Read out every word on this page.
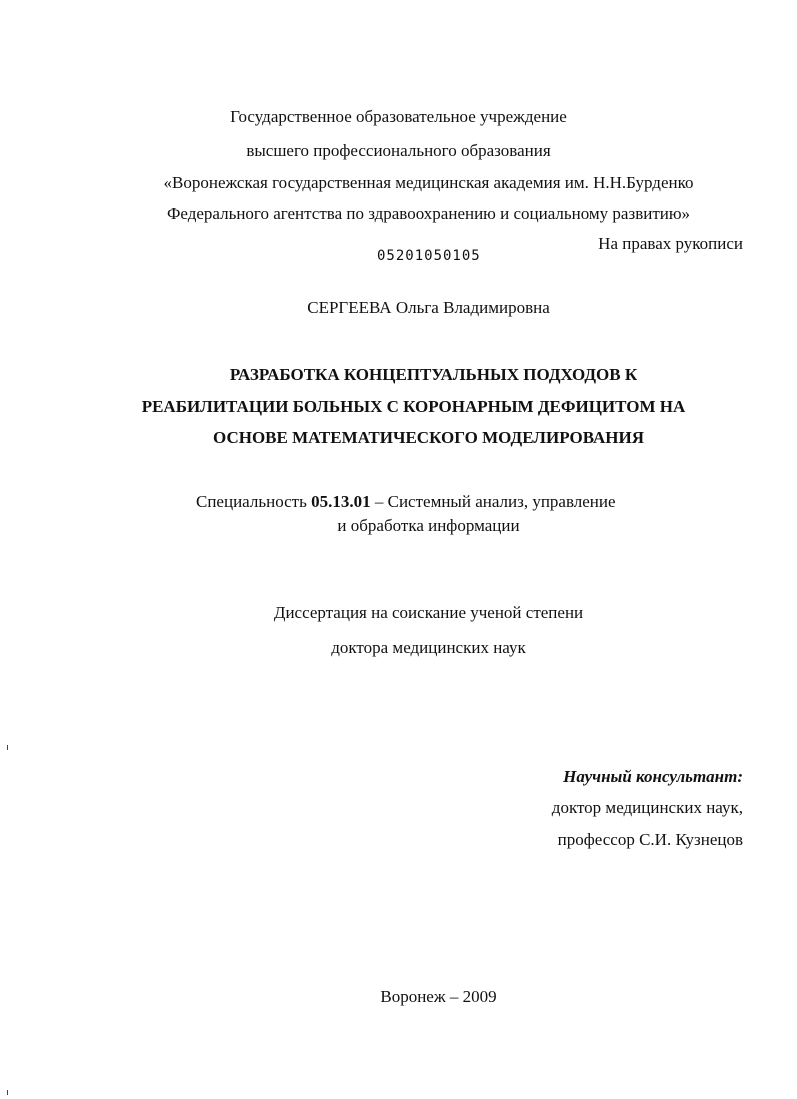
Государственное образовательное учреждение
высшего профессионального образования
«Воронежская государственная медицинская академия им. Н.Н.Бурденко
Федерального агентства по здравоохранению и социальному развитию»
05201050105
На правах рукописи
СЕРГЕЕВА Ольга Владимировна
РАЗРАБОТКА КОНЦЕПТУАЛЬНЫХ ПОДХОДОВ К
РЕАБИЛИТАЦИИ БОЛЬНЫХ С КОРОНАРНЫМ ДЕФИЦИТОМ НА
ОСНОВЕ МАТЕМАТИЧЕСКОГО МОДЕЛИРОВАНИЯ
Специальность 05.13.01 – Системный анализ, управление
и обработка информации
Диссертация на соискание ученой степени
доктора медицинских наук
Научный консультант:
доктор медицинских наук,
профессор С.И. Кузнецов
Воронеж – 2009
